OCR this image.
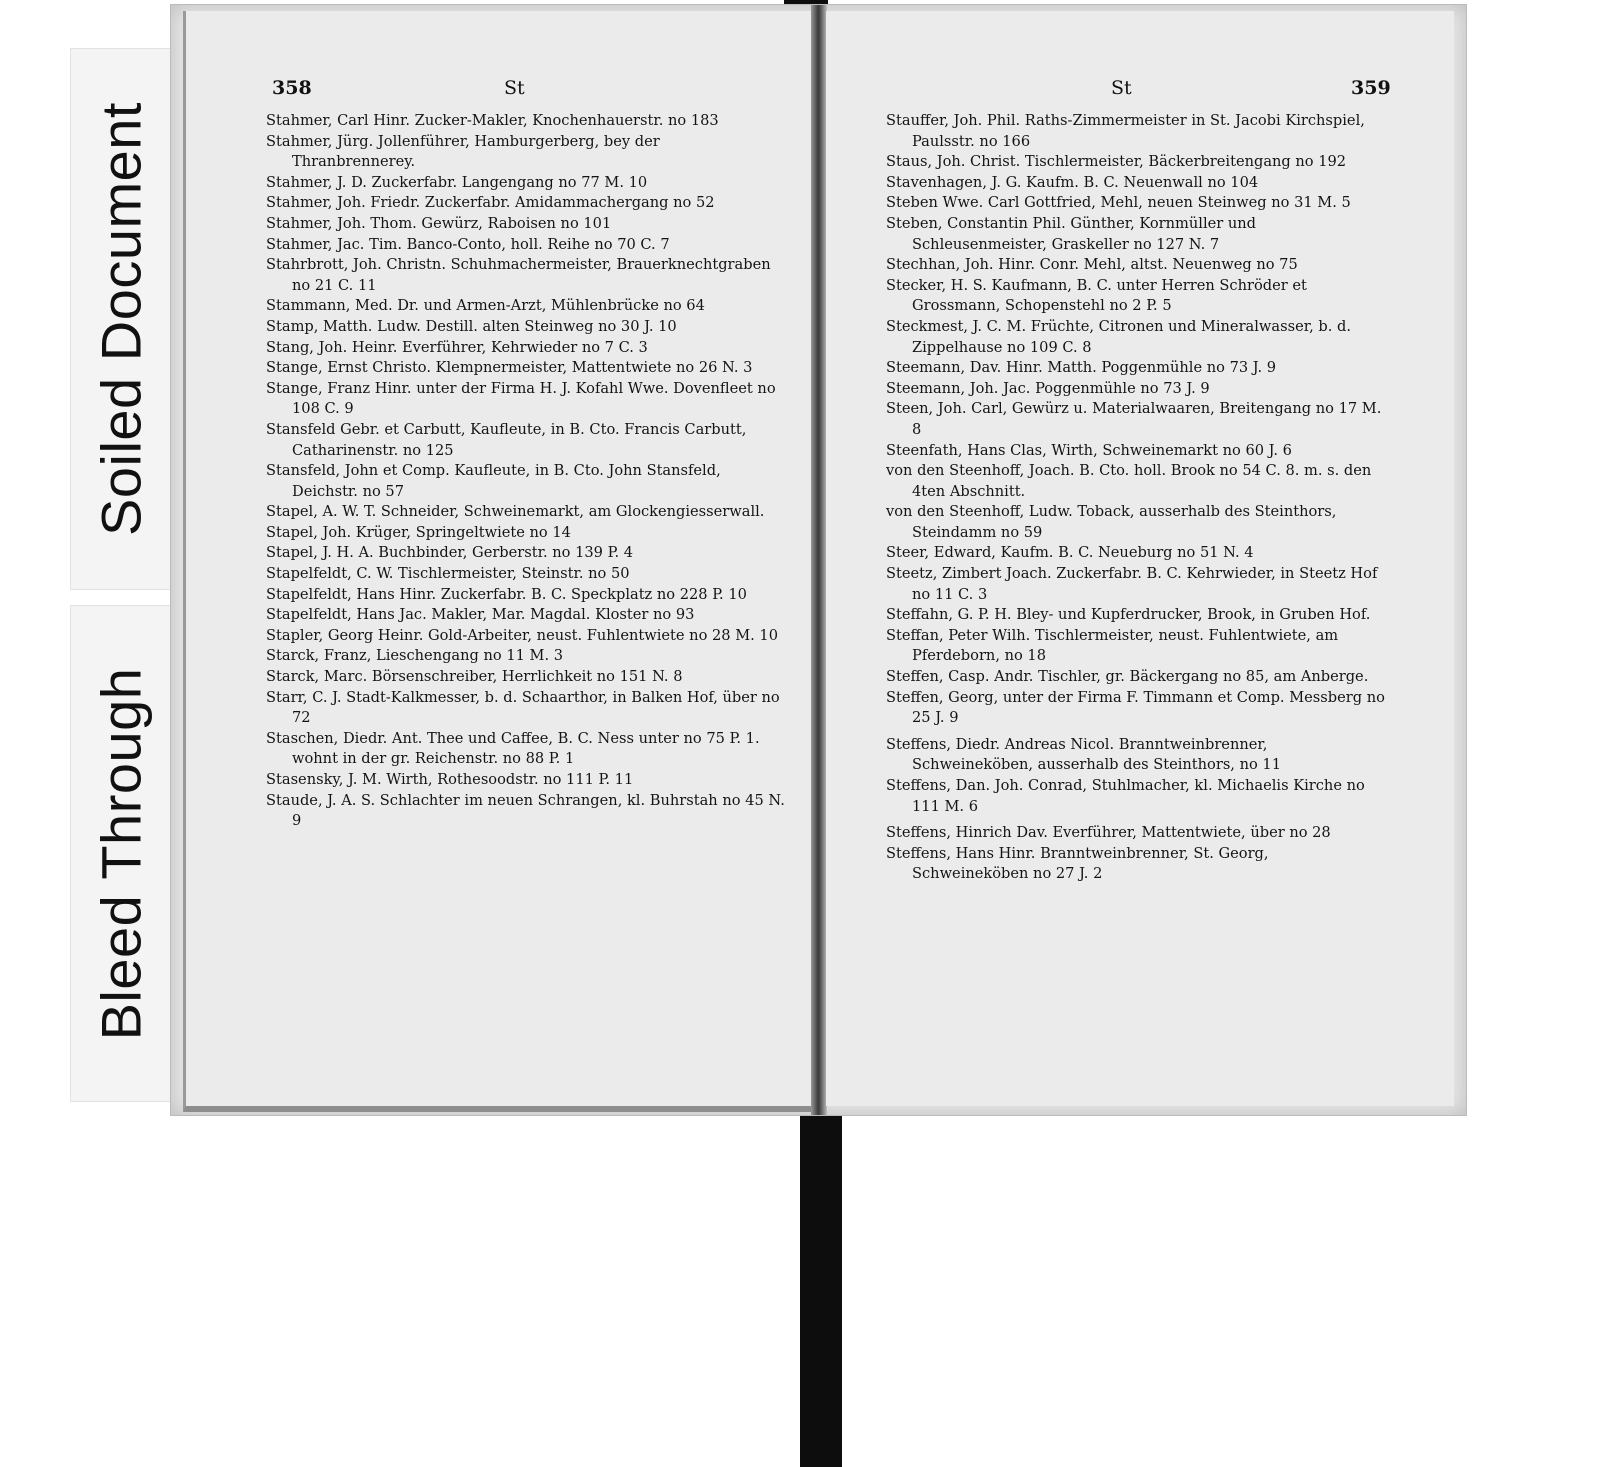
Soiled Document
Bleed Through
358	St
Stahmer, Carl Hinr. Zucker-Makler, Knochenhauerstr. no 183
Stahmer, Jürg. Jollenführer, Hamburgerberg, bey der Thranbrennerey.
Stahmer, J. D. Zuckerfabr. Langengang no 77 M. 10
Stahmer, Joh. Friedr. Zuckerfabr. Amidammachergang no 52
Stahmer, Joh. Thom. Gewürz, Raboisen no 101
Stahmer, Jac. Tim. Banco-Conto, holl. Reihe no 70 C. 7
Stahrbrott, Joh. Christn. Schuhmachermeister, Brauerknechtgraben no 21 C. 11
Stammann, Med. Dr. und Armen-Arzt, Mühlenbrücke no 64
Stamp, Matth. Ludw. Destill. alten Steinweg no 30 J. 10
Stang, Joh. Heinr. Everführer, Kehrwieder no 7 C. 3
Stange, Ernst Christo. Klempnermeister, Mattentwiete no 26 N. 3
Stange, Franz Hinr. unter der Firma H. J. Kofahl Wwe. Dovenfleet no 108 C. 9
Stansfeld Gebr. et Carbutt, Kaufleute, in B. Cto. Francis Carbutt, Catharinenstr. no 125
Stansfeld, John et Comp. Kaufleute, in B. Cto. John Stansfeld, Deichstr. no 57
Stapel, A. W. T. Schneider, Schweinemarkt, am Glockengiesserwall.
Stapel, Joh. Krüger, Springeltwiete no 14
Stapel, J. H. A. Buchbinder, Gerberstr. no 139 P. 4
Stapelfeldt, C. W. Tischlermeister, Steinstr. no 50
Stapelfeldt, Hans Hinr. Zuckerfabr. B. C. Speckplatz no 228 P. 10
Stapelfeldt, Hans Jac. Makler, Mar. Magdal. Kloster no 93
Stapler, Georg Heinr. Gold-Arbeiter, neust. Fuhlentwiete no 28 M. 10
Starck, Franz, Lieschengang no 11 M. 3
Starck, Marc. Börsenschreiber, Herrlichkeit no 151 N. 8
Starr, C. J. Stadt-Kalkmesser, b. d. Schaarthor, in Balken Hof, über no 72
Staschen, Diedr. Ant. Thee und Caffee, B. C. Ness unter no 75 P. 1. wohnt in der gr. Reichenstr. no 88 P. 1
Stasensky, J. M. Wirth, Rothesoodstr. no 111 P. 11
Staude, J. A. S. Schlachter im neuen Schrangen, kl. Buhrstah no 45 N. 9
St	359
Stauffer, Joh. Phil. Raths-Zimmermeister in St. Jacobi Kirchspiel, Paulsstr. no 166
Staus, Joh. Christ. Tischlermeister, Bäckerbreitengang no 192
Stavenhagen, J. G. Kaufm. B. C. Neuenwall no 104
Steben Wwe. Carl Gottfried, Mehl, neuen Steinweg no 31 M. 5
Steben, Constantin Phil. Günther, Kornmüller und Schleusenmeister, Graskeller no 127 N. 7
Stechhan, Joh. Hinr. Conr. Mehl, altst. Neuenweg no 75
Stecker, H. S. Kaufmann, B. C. unter Herren Schröder et Grossmann, Schopenstehl no 2 P. 5
Steckmest, J. C. M. Früchte, Citronen und Mineralwasser, b. d. Zippelhause no 109 C. 8
Steemann, Dav. Hinr. Matth. Poggenmühle no 73 J. 9
Steemann, Joh. Jac. Poggenmühle no 73 J. 9
Steen, Joh. Carl, Gewürz u. Materialwaaren, Breitengang no 17 M. 8
Steenfath, Hans Clas, Wirth, Schweinemarkt no 60 J. 6
von den Steenhoff, Joach. B. Cto. holl. Brook no 54 C. 8. m. s. den 4ten Abschnitt.
von den Steenhoff, Ludw. Toback, ausserhalb des Steinthors, Steindamm no 59
Steer, Edward, Kaufm. B. C. Neueburg no 51 N. 4
Steetz, Zimbert Joach. Zuckerfabr. B. C. Kehrwieder, in Steetz Hof no 11 C. 3
Steffahn, G. P. H. Bley- und Kupferdrucker, Brook, in Gruben Hof.
Steffan, Peter Wilh. Tischlermeister, neust. Fuhlentwiete, am Pferdeborn, no 18
Steffen, Casp. Andr. Tischler, gr. Bäckergang no 85, am Anberge.
Steffen, Georg, unter der Firma F. Timmann et Comp. Messberg no 25 J. 9
Steffens, Diedr. Andreas Nicol. Branntweinbrenner, Schweineköben, ausserhalb des Steinthors, no 11
Steffens, Dan. Joh. Conrad, Stuhlmacher, kl. Michaelis Kirche no 111 M. 6
Steffens, Hinrich Dav. Everführer, Mattentwiete, über no 28
Steffens, Hans Hinr. Branntweinbrenner, St. Georg, Schweineköben no 27 J. 2
